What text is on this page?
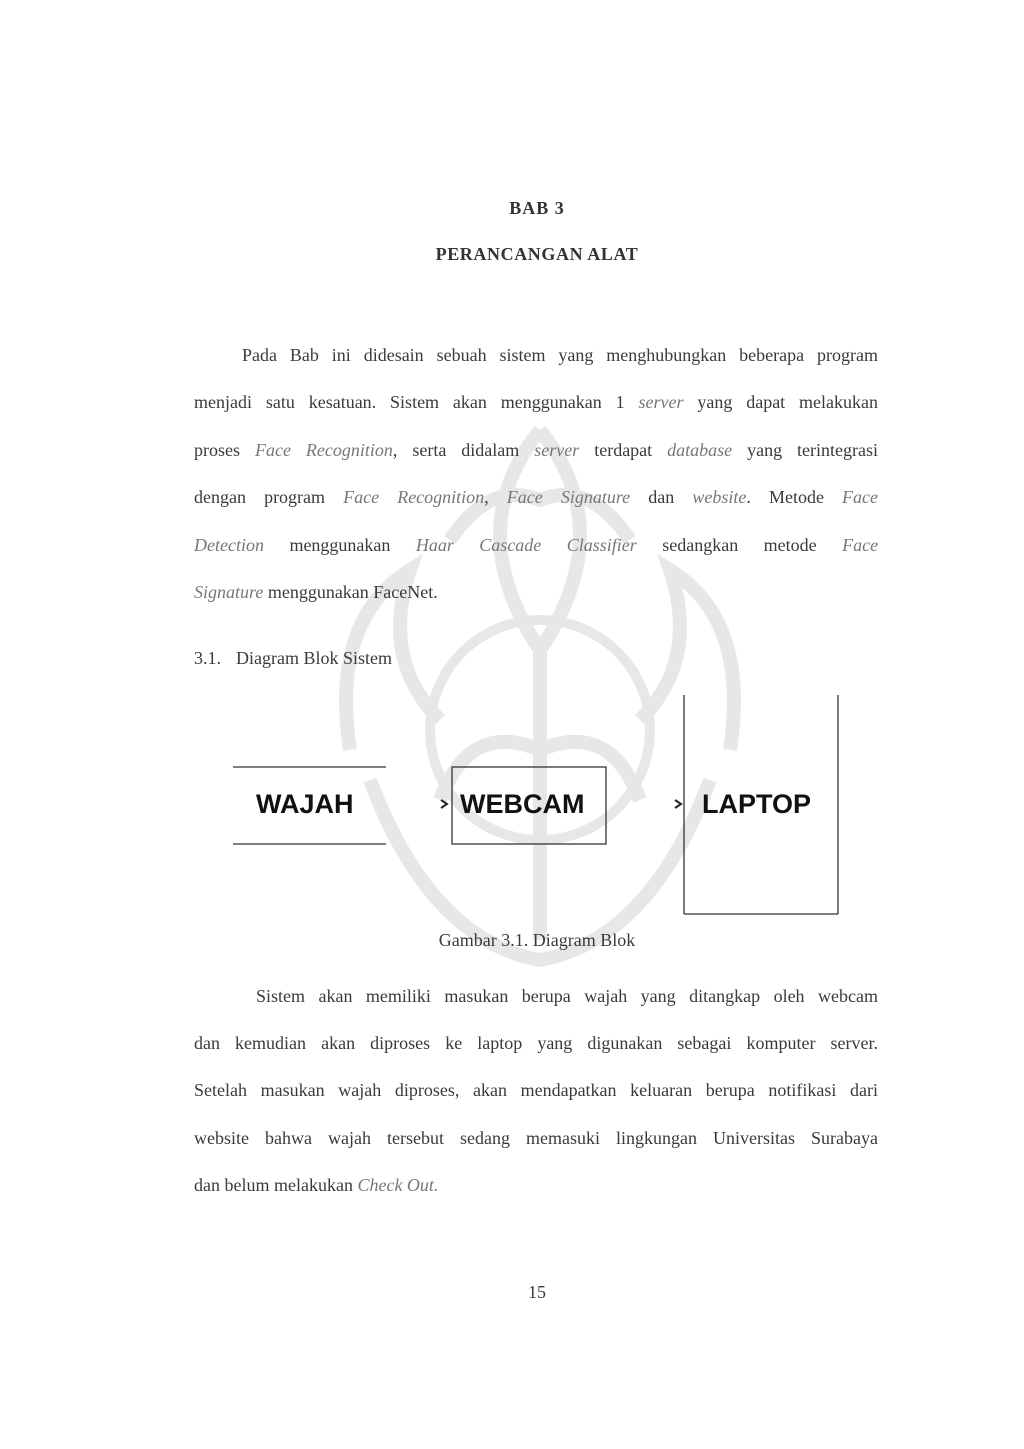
BAB 3
PERANCANGAN ALAT
Pada Bab ini didesain sebuah sistem yang menghubungkan beberapa program
menjadi satu kesatuan. Sistem akan menggunakan 1 server yang dapat melakukan
proses Face Recognition, serta didalam server terdapat database yang terintegrasi
dengan program Face Recognition, Face Signature dan website. Metode Face
Detection menggunakan Haar Cascade Classifier sedangkan metode Face
Signature menggunakan FaceNet.
3.1. Diagram Blok Sistem
WAJAH	WEBCAM	LAPTOP
Gambar 3.1. Diagram Blok
Sistem akan memiliki masukan berupa wajah yang ditangkap oleh webcam
dan kemudian akan diproses ke laptop yang digunakan sebagai komputer server.
Setelah masukan wajah diproses, akan mendapatkan keluaran berupa notifikasi dari
website bahwa wajah tersebut sedang memasuki lingkungan Universitas Surabaya
dan belum melakukan Check Out.
15
